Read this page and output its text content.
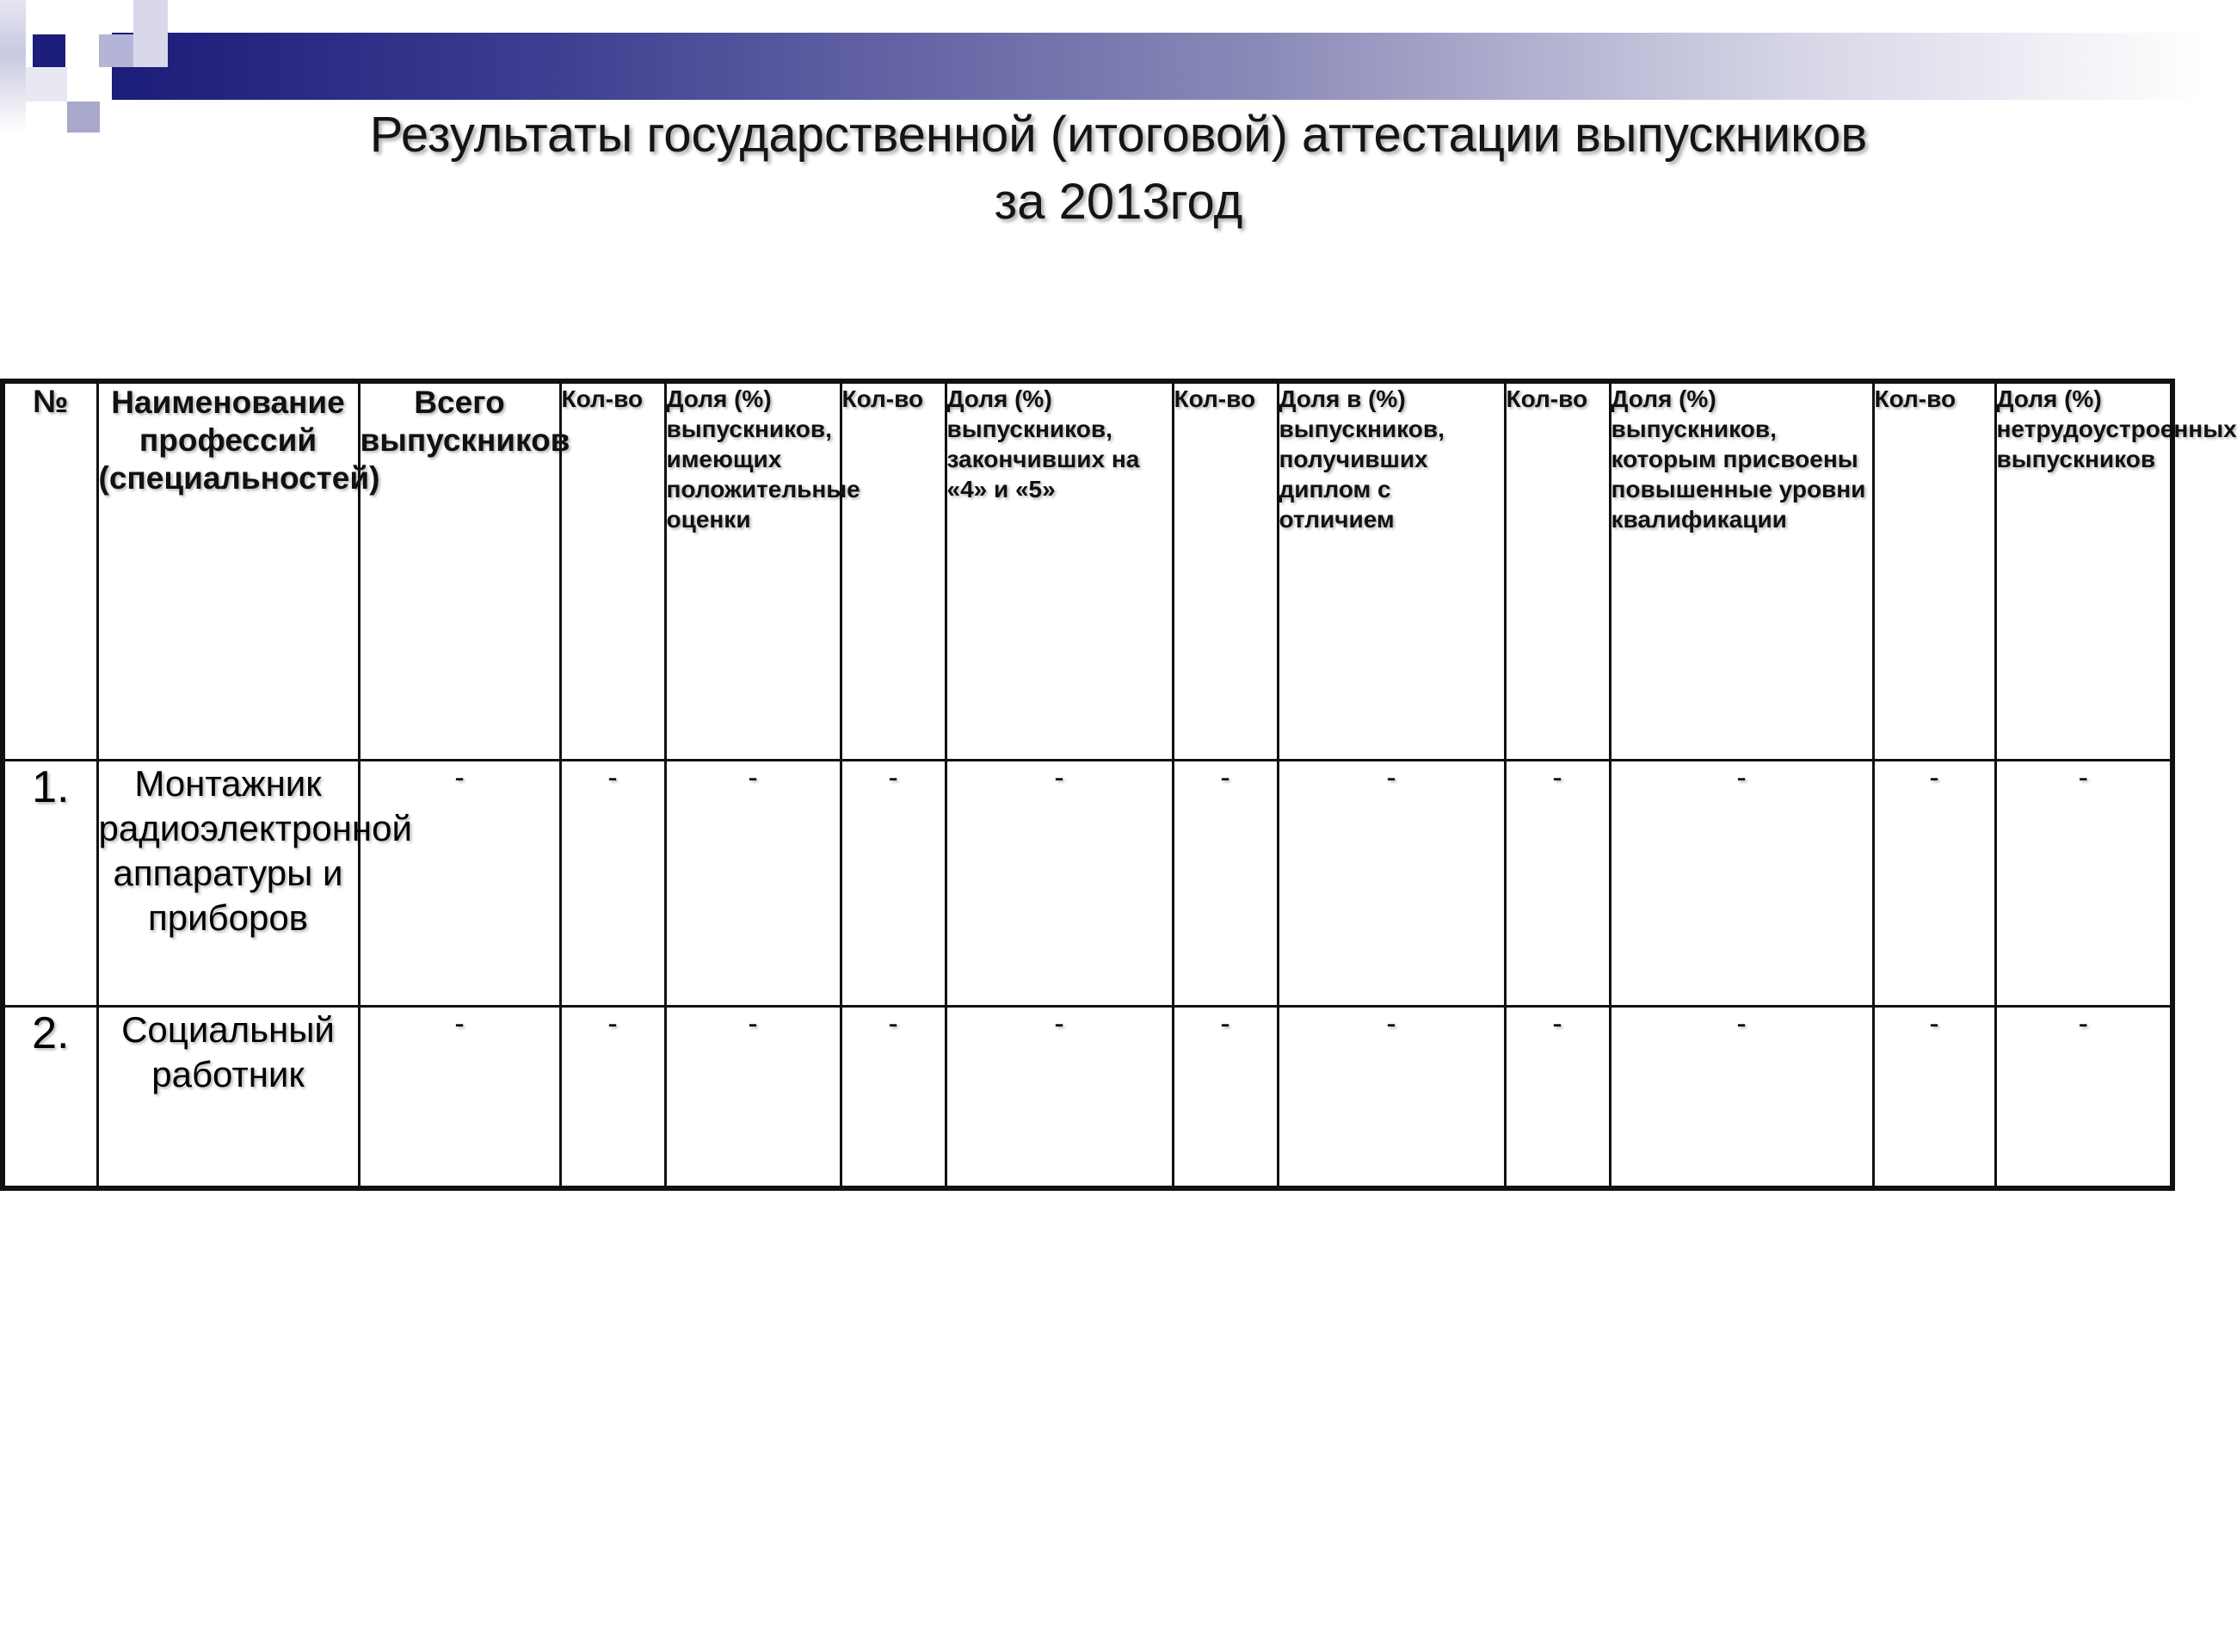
Результаты государственной (итоговой) аттестации выпускников
за 2013год
№	Наименование профессий (специальностей)	Всего выпускников	Кол-во	Доля (%) выпускников, имеющих положительные оценки	Кол-во	Доля (%) выпускников, закончивших на «4» и «5»	Кол-во	Доля в (%) выпускников, получивших диплом с отличием	Кол-во	Доля (%) выпускников, которым присвоены повышенные уровни квалификации	Кол-во	Доля (%) нетрудоустроенных выпускников
1.	Монтажник радиоэлектронной аппаратуры и приборов	-	-	-	-	-	-	-	-	-	-	-
2.	Социальный работник	-	-	-	-	-	-	-	-	-	-	-
